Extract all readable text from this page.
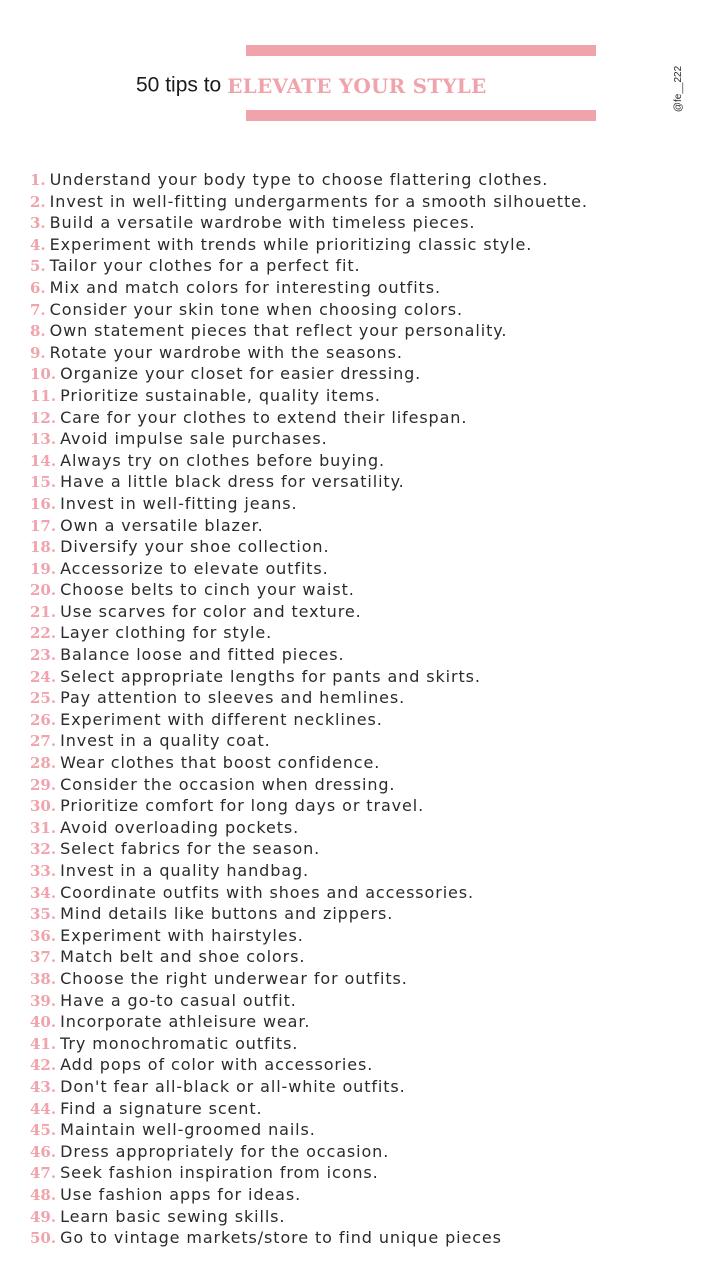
50 tips to ELEVATE YOUR STYLE	@fe__222
1. Understand your body type to choose flattering clothes.
2. Invest in well-fitting undergarments for a smooth silhouette.
3. Build a versatile wardrobe with timeless pieces.
4. Experiment with trends while prioritizing classic style.
5. Tailor your clothes for a perfect fit.
6. Mix and match colors for interesting outfits.
7. Consider your skin tone when choosing colors.
8. Own statement pieces that reflect your personality.
9. Rotate your wardrobe with the seasons.
10. Organize your closet for easier dressing.
11. Prioritize sustainable, quality items.
12. Care for your clothes to extend their lifespan.
13. Avoid impulse sale purchases.
14. Always try on clothes before buying.
15. Have a little black dress for versatility.
16. Invest in well-fitting jeans.
17. Own a versatile blazer.
18. Diversify your shoe collection.
19. Accessorize to elevate outfits.
20. Choose belts to cinch your waist.
21. Use scarves for color and texture.
22. Layer clothing for style.
23. Balance loose and fitted pieces.
24. Select appropriate lengths for pants and skirts.
25. Pay attention to sleeves and hemlines.
26. Experiment with different necklines.
27. Invest in a quality coat.
28. Wear clothes that boost confidence.
29. Consider the occasion when dressing.
30. Prioritize comfort for long days or travel.
31. Avoid overloading pockets.
32. Select fabrics for the season.
33. Invest in a quality handbag.
34. Coordinate outfits with shoes and accessories.
35. Mind details like buttons and zippers.
36. Experiment with hairstyles.
37. Match belt and shoe colors.
38. Choose the right underwear for outfits.
39. Have a go-to casual outfit.
40. Incorporate athleisure wear.
41. Try monochromatic outfits.
42. Add pops of color with accessories.
43. Don't fear all-black or all-white outfits.
44. Find a signature scent.
45. Maintain well-groomed nails.
46. Dress appropriately for the occasion.
47. Seek fashion inspiration from icons.
48. Use fashion apps for ideas.
49. Learn basic sewing skills.
50. Go to vintage markets/store to find unique pieces
